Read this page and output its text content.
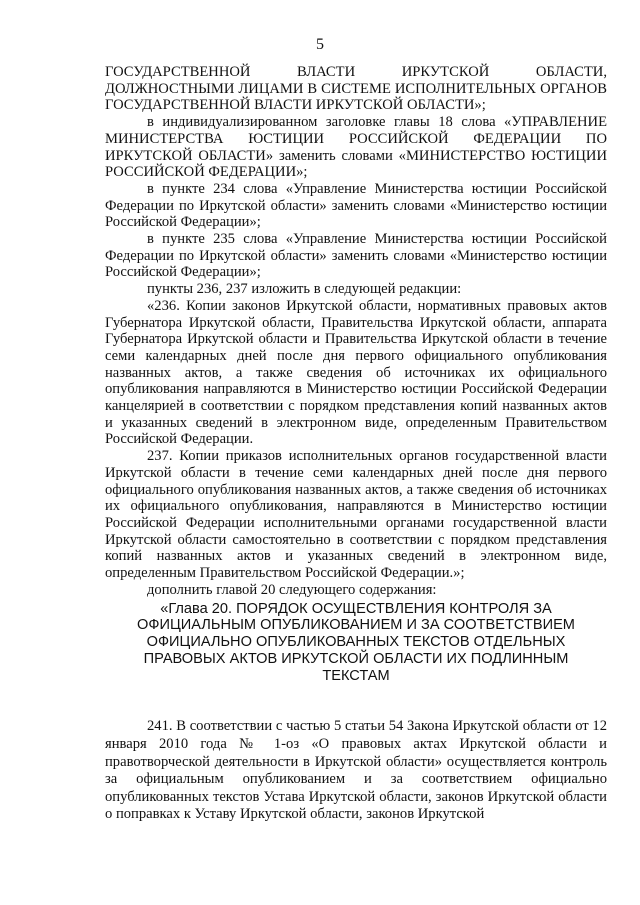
5

ГОСУДАРСТВЕННОЙ ВЛАСТИ ИРКУТСКОЙ ОБЛАСТИ, ДОЛЖНОСТНЫМИ ЛИЦАМИ В СИСТЕМЕ ИСПОЛНИТЕЛЬНЫХ ОРГАНОВ ГОСУДАРСТВЕННОЙ ВЛАСТИ ИРКУТСКОЙ ОБЛАСТИ»;

в индивидуализированном заголовке главы 18 слова «УПРАВЛЕНИЕ МИНИСТЕРСТВА ЮСТИЦИИ РОССИЙСКОЙ ФЕДЕРАЦИИ ПО ИРКУТСКОЙ ОБЛАСТИ» заменить словами «МИНИСТЕРСТВО ЮСТИЦИИ РОССИЙСКОЙ ФЕДЕРАЦИИ»;

в пункте 234 слова «Управление Министерства юстиции Российской Федерации по Иркутской области» заменить словами «Министерство юстиции Российской Федерации»;

в пункте 235 слова «Управление Министерства юстиции Российской Федерации по Иркутской области» заменить словами «Министерство юстиции Российской Федерации»;

пункты 236, 237 изложить в следующей редакции:

«236. Копии законов Иркутской области, нормативных правовых актов Губернатора Иркутской области, Правительства Иркутской области, аппарата Губернатора Иркутской области и Правительства Иркутской области в течение семи календарных дней после дня первого официального опубликования названных актов, а также сведения об источниках их официального опубликования направляются в Министерство юстиции Российской Федерации канцелярией в соответствии с порядком представления копий названных актов и указанных сведений в электронном виде, определенным Правительством Российской Федерации.

237. Копии приказов исполнительных органов государственной власти Иркутской области в течение семи календарных дней после дня первого официального опубликования названных актов, а также сведения об источниках их официального опубликования, направляются в Министерство юстиции Российской Федерации исполнительными органами государственной власти Иркутской области самостоятельно в соответствии с порядком представления копий названных актов и указанных сведений в электронном виде, определенным Правительством Российской Федерации.»;

дополнить главой 20 следующего содержания:

«Глава 20. ПОРЯДОК ОСУЩЕСТВЛЕНИЯ КОНТРОЛЯ ЗА
ОФИЦИАЛЬНЫМ ОПУБЛИКОВАНИЕМ И ЗА СООТВЕТСТВИЕМ
ОФИЦИАЛЬНО ОПУБЛИКОВАННЫХ ТЕКСТОВ ОТДЕЛЬНЫХ
ПРАВОВЫХ АКТОВ ИРКУТСКОЙ ОБЛАСТИ ИХ ПОДЛИННЫМ
ТЕКСТАМ

241. В соответствии с частью 5 статьи 54 Закона Иркутской области от 12 января 2010 года № 1-оз «О правовых актах Иркутской области и правотворческой деятельности в Иркутской области» осуществляется контроль за официальным опубликованием и за соответствием официально опубликованных текстов Устава Иркутской области, законов Иркутской области о поправках к Уставу Иркутской области, законов Иркутской
